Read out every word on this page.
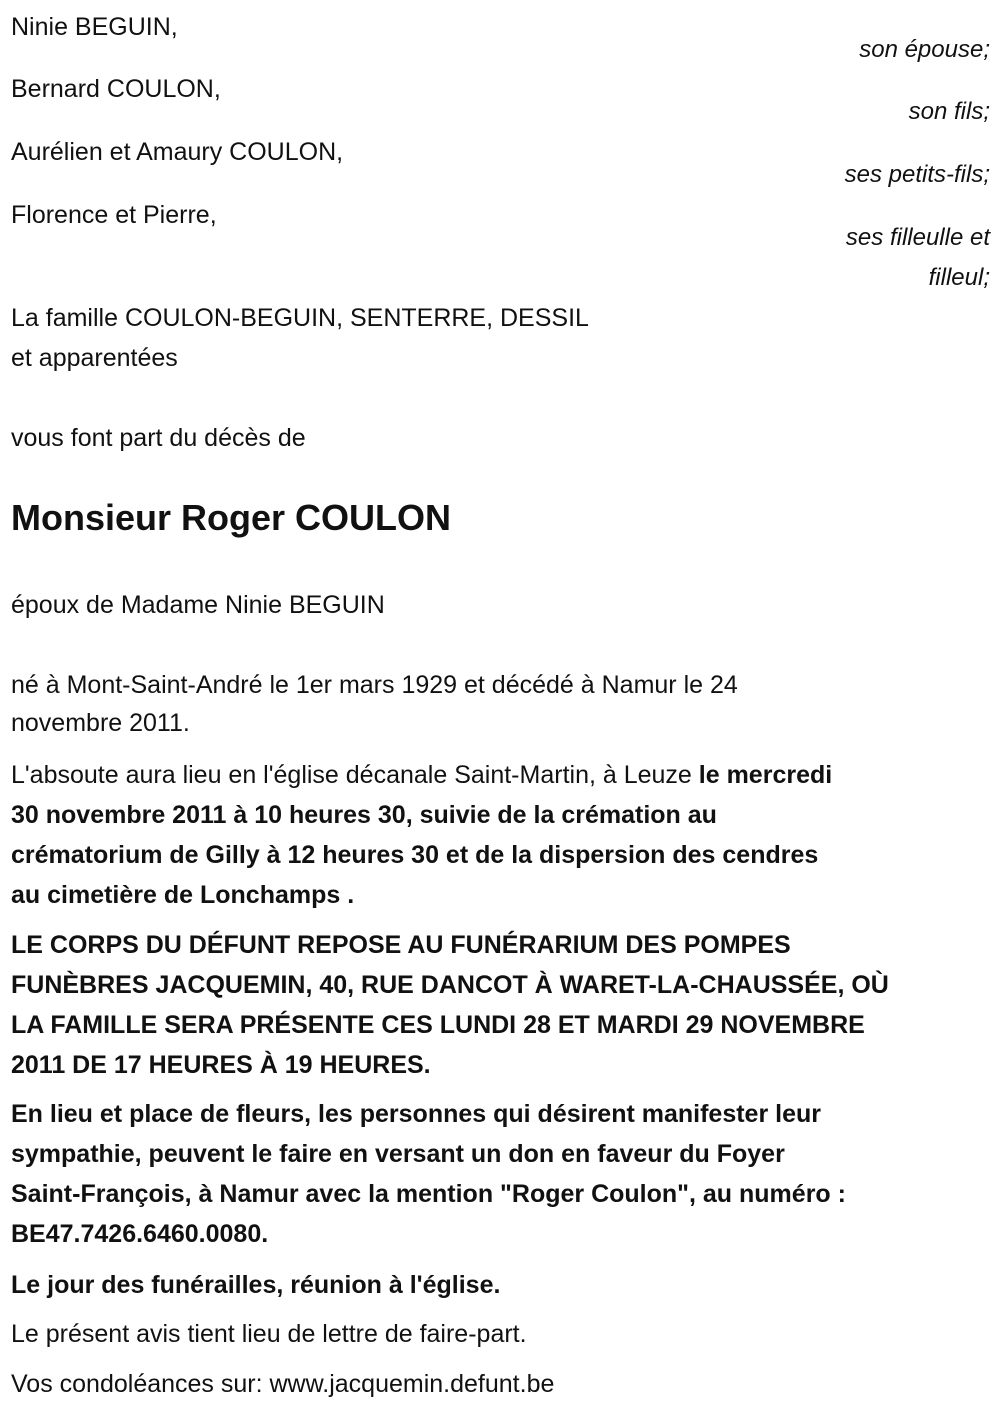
Ninie BEGUIN,
son épouse;
Bernard COULON,
son fils;
Aurélien et Amaury COULON,
ses petits-fils;
Florence et Pierre,
ses filleulle et
filleul;
La famille COULON-BEGUIN, SENTERRE, DESSIL
et apparentées
vous font part du décès de
Monsieur Roger COULON
époux de Madame Ninie BEGUIN
né à Mont-Saint-André le 1er mars 1929 et décédé à Namur le 24
novembre 2011.
L'absoute aura lieu en l'église décanale Saint-Martin, à Leuze le mercredi
30 novembre 2011 à 10 heures 30, suivie de la crémation au
crématorium de Gilly à 12 heures 30 et de la dispersion des cendres
au cimetière de Lonchamps .
LE CORPS DU DÉFUNT REPOSE AU FUNÉRARIUM DES POMPES
FUNÈBRES JACQUEMIN, 40, RUE DANCOT À WARET-LA-CHAUSSÉE, OÙ
LA FAMILLE SERA PRÉSENTE CES LUNDI 28 ET MARDI 29 NOVEMBRE
2011 DE 17 HEURES À 19 HEURES.
En lieu et place de fleurs, les personnes qui désirent manifester leur
sympathie, peuvent le faire en versant un don en faveur du Foyer
Saint-François, à Namur avec la mention "Roger Coulon", au numéro :
BE47.7426.6460.0080.
Le jour des funérailles, réunion à l'église.
Le présent avis tient lieu de lettre de faire-part.
Vos condoléances sur: www.jacquemin.defunt.be
